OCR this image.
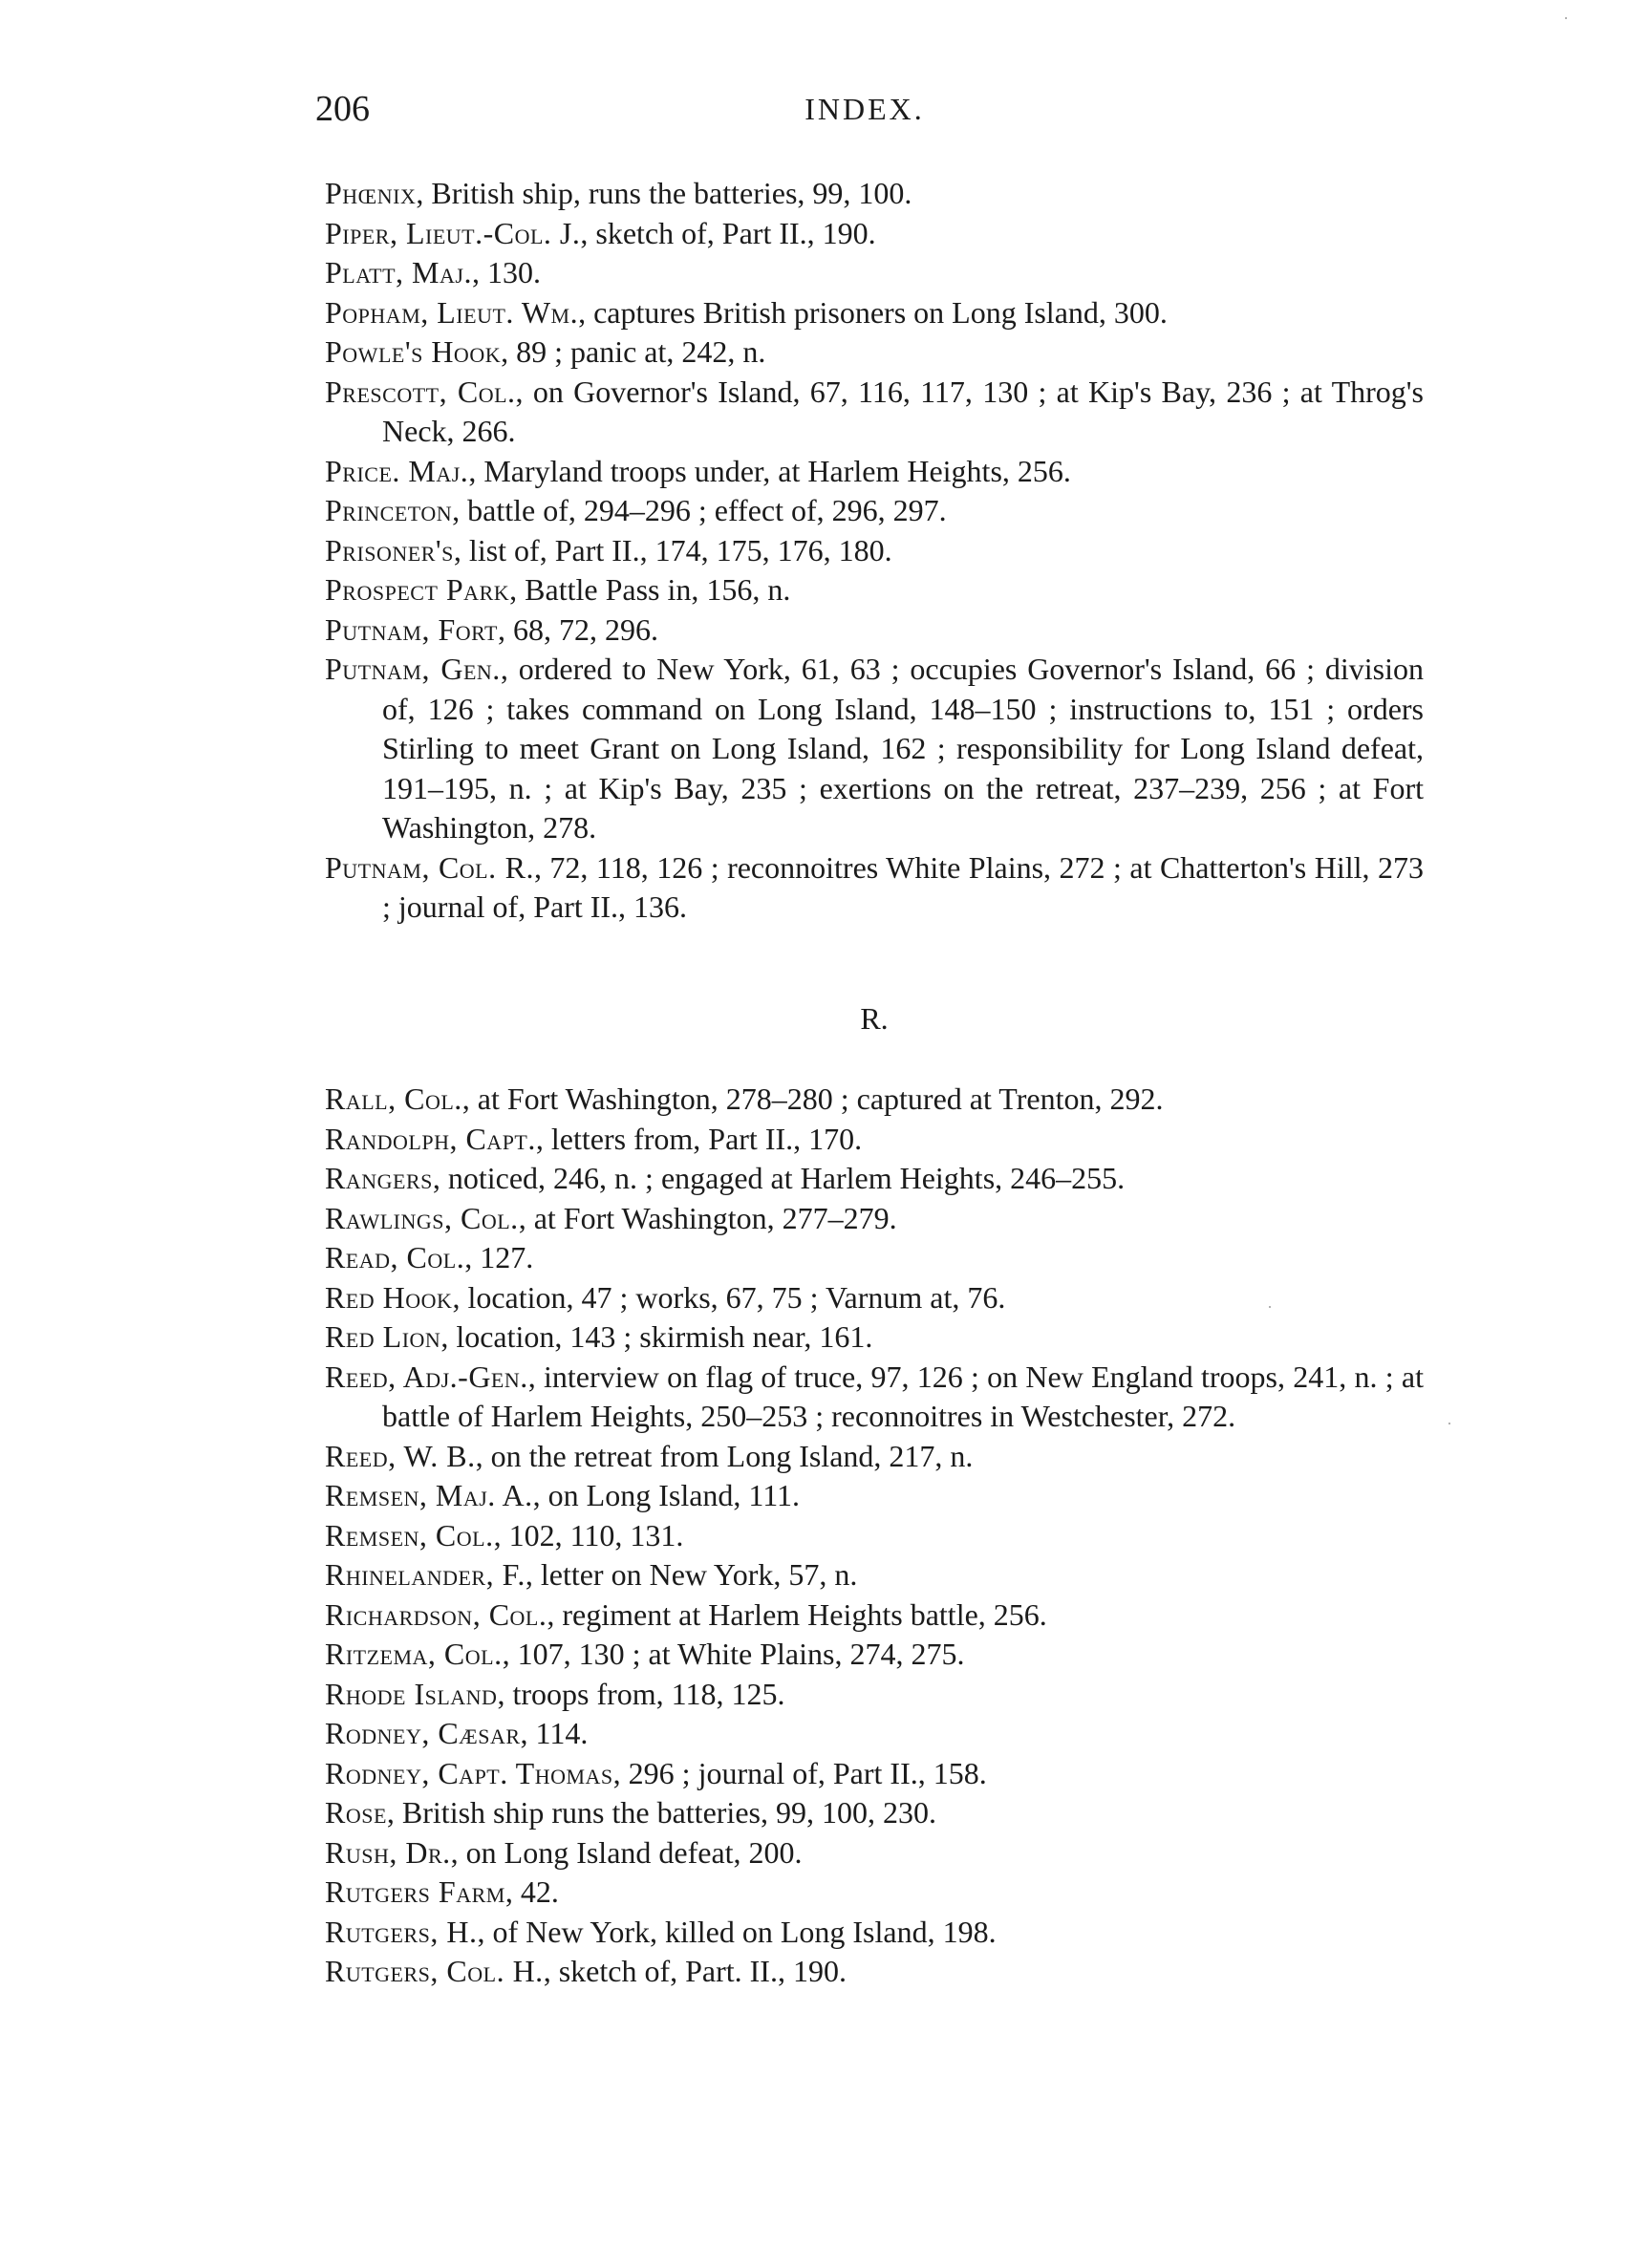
206	INDEX.
Phœnix, British ship, runs the batteries, 99, 100.
Piper, Lieut.-Col. J., sketch of, Part II., 190.
Platt, Maj., 130.
Popham, Lieut. Wm., captures British prisoners on Long Island, 300.
Powle's Hook, 89 ; panic at, 242, n.
Prescott, Col., on Governor's Island, 67, 116, 117, 130 ; at Kip's Bay, 236 ; at Throg's Neck, 266.
Price. Maj., Maryland troops under, at Harlem Heights, 256.
Princeton, battle of, 294–296 ; effect of, 296, 297.
Prisoner's, list of, Part II., 174, 175, 176, 180.
Prospect Park, Battle Pass in, 156, n.
Putnam, Fort, 68, 72, 296.
Putnam, Gen., ordered to New York, 61, 63 ; occupies Governor's Island, 66 ; division of, 126 ; takes command on Long Island, 148–150 ; instructions to, 151 ; orders Stirling to meet Grant on Long Island, 162 ; responsibility for Long Island defeat, 191–195, n. ; at Kip's Bay, 235 ; exertions on the retreat, 237–239, 256 ; at Fort Washington, 278.
Putnam, Col. R., 72, 118, 126 ; reconnoitres White Plains, 272 ; at Chatterton's Hill, 273 ; journal of, Part II., 136.
R.
Rall, Col., at Fort Washington, 278–280 ; captured at Trenton, 292.
Randolph, Capt., letters from, Part II., 170.
Rangers, noticed, 246, n. ; engaged at Harlem Heights, 246–255.
Rawlings, Col., at Fort Washington, 277–279.
Read, Col., 127.
Red Hook, location, 47 ; works, 67, 75 ; Varnum at, 76.
Red Lion, location, 143 ; skirmish near, 161.
Reed, Adj.-Gen., interview on flag of truce, 97, 126 ; on New England troops, 241, n. ; at battle of Harlem Heights, 250–253 ; reconnoitres in Westchester, 272.
Reed, W. B., on the retreat from Long Island, 217, n.
Remsen, Maj. A., on Long Island, 111.
Remsen, Col., 102, 110, 131.
Rhinelander, F., letter on New York, 57, n.
Richardson, Col., regiment at Harlem Heights battle, 256.
Ritzema, Col., 107, 130 ; at White Plains, 274, 275.
Rhode Island, troops from, 118, 125.
Rodney, Cæsar, 114.
Rodney, Capt. Thomas, 296 ; journal of, Part II., 158.
Rose, British ship runs the batteries, 99, 100, 230.
Rush, Dr., on Long Island defeat, 200.
Rutgers Farm, 42.
Rutgers, H., of New York, killed on Long Island, 198.
Rutgers, Col. H., sketch of, Part. II., 190.
